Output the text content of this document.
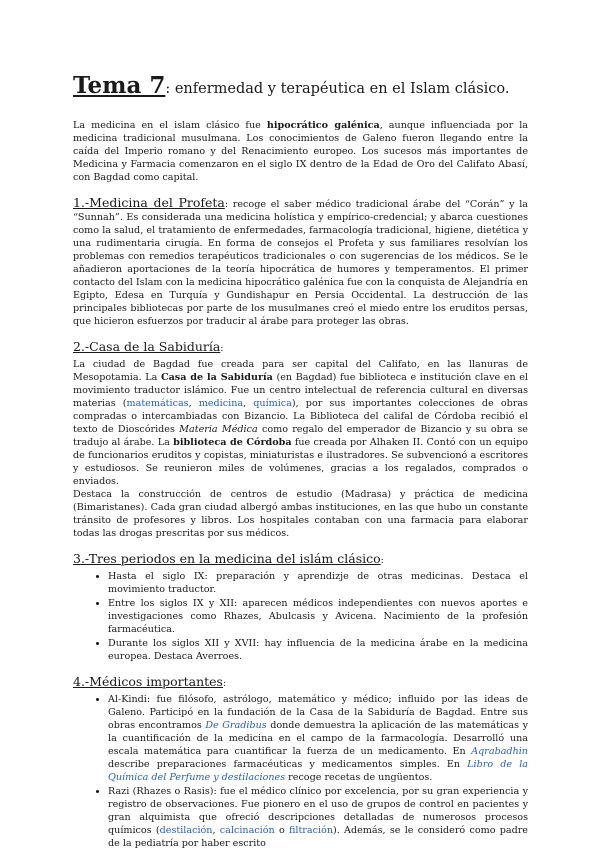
Tema 7: enfermedad y terapéutica en el Islam clásico.

La medicina en el islam clásico fue hipocrático galénica, aunque influenciada por la medicina tradicional musulmana. Los conocimientos de Galeno fueron llegando entre la caída del Imperio romano y del Renacimiento europeo. Los sucesos más importantes de Medicina y Farmacia comenzaron en el siglo IX dentro de la Edad de Oro del Califato Abasí, con Bagdad como capital.

1.-Medicina del Profeta: recoge el saber médico tradicional árabe del “Corán” y la “Sunnah”. Es considerada una medicina holística y empírico-credencial; y abarca cuestiones como la salud, el tratamiento de enfermedades, farmacología tradicional, higiene, dietética y una rudimentaria cirugía. En forma de consejos el Profeta y sus familiares resolvían los problemas con remedios terapéuticos tradicionales o con sugerencias de los médicos. Se le añadieron aportaciones de la teoría hipocrática de humores y temperamentos. El primer contacto del Islam con la medicina hipocrático galénica fue con la conquista de Alejandría en Egipto, Edesa en Turquía y Gundishapur en Persia Occidental. La destrucción de las principales bibliotecas por parte de los musulmanes creó el miedo entre los eruditos persas, que hicieron esfuerzos por traducir al árabe para proteger las obras.

2.-Casa de la Sabiduría:

La ciudad de Bagdad fue creada para ser capital del Califato, en las llanuras de Mesopotamia. La Casa de la Sabiduría (en Bagdad) fue biblioteca e institución clave en el movimiento traductor islámico. Fue un centro intelectual de referencia cultural en diversas materias (matemáticas, medicina, química), por sus importantes colecciones de obras compradas o intercambiadas con Bizancio. La Biblioteca del califal de Córdoba recibió el texto de Dioscórides Materia Médica como regalo del emperador de Bizancio y su obra se tradujo al árabe. La biblioteca de Córdoba fue creada por Alhaken II. Contó con un equipo de funcionarios eruditos y copistas, miniaturistas e ilustradores. Se subvencionó a escritores y estudiosos. Se reunieron miles de volúmenes, gracias a los regalados, comprados o enviados.

Destaca la construcción de centros de estudio (Madrasa) y práctica de medicina (Bimaristanes). Cada gran ciudad albergó ambas instituciones, en las que hubo un constante tránsito de profesores y libros. Los hospitales contaban con una farmacia para elaborar todas las drogas prescritas por sus médicos.

3.-Tres periodos en la medicina del islám clásico:
• Hasta el siglo IX: preparación y aprendizje de otras medicinas. Destaca el movimiento traductor.
• Entre los siglos IX y XII: aparecen médicos independientes con nuevos aportes e investigaciones como Rhazes, Abulcasis y Avicena. Nacimiento de la profesión farmacéutica.
• Durante los siglos XII y XVII: hay influencia de la medicina árabe en la medicina europea. Destaca Averroes.
4.-Médicos importantes:
• Al-Kindi: fue filósofo, astrólogo, matemático y médico; influido por las ideas de Galeno. Participó en la fundación de la Casa de la Sabiduría de Bagdad. Entre sus obras encontramos De Gradibus donde demuestra la aplicación de las matemáticas y la cuantificación de la medicina en el campo de la farmacología. Desarrolló una escala matemática para cuantificar la fuerza de un medicamento. En Aqrabadhin describe preparaciones farmacéuticas y medicamentos simples. En Libro de la Química del Perfume y destilaciones recoge recetas de ungüentos.
• Razi (Rhazes o Rasis): fue el médico clínico por excelencia, por su gran experiencia y registro de observaciones. Fue pionero en el uso de grupos de control en pacientes y gran alquimista que ofreció descripciones detalladas de numerosos procesos químicos (destilación, calcinación o filtración). Además, se le consideró como padre de la pediatría por haber escrito
